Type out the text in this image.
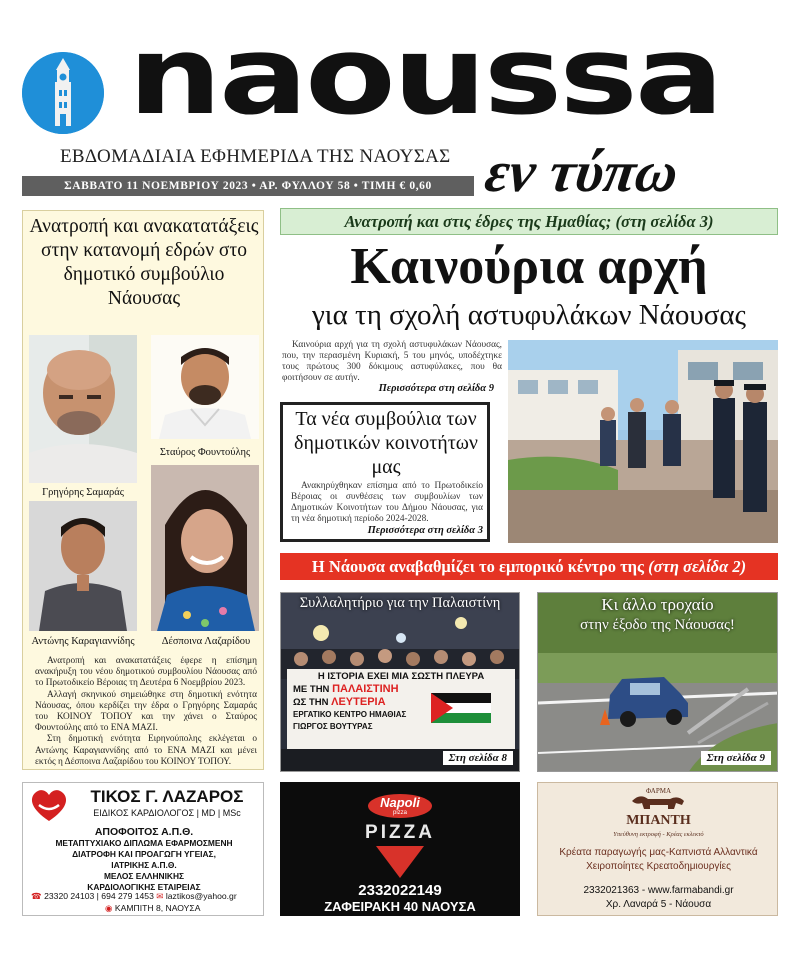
naoussa
ΕΒΔΟΜΑΔΙΑΙΑ ΕΦΗΜΕΡΙΔΑ ΤΗΣ ΝΑΟΥΣΑΣ εν τύπω
ΣΑΒΒΑΤΟ 11 ΝΟΕΜΒΡΙΟΥ 2023 • ΑΡ. ΦΥΛΛΟΥ 58 • ΤΙΜΗ € 0,60
Ανατροπή και ανακατατάξεις στην κατανομή εδρών στο δημοτικό συμβούλιο Νάουσας
Γρηγόρης Σαμαράς
Σταύρος Φουντούλης
Αντώνης Καραγιαννίδης	Δέσποινα Λαζαρίδου

Ανατροπή και ανακατατάξεις έφερε η επίσημη ανακήρυξη του νέου δημοτικού συμβουλίου Νάουσας από το Πρωτοδικείο Βέροιας τη Δευτέρα 6 Νοεμβρίου 2023.

Αλλαγή σκηνικού σημειώθηκε στη δημοτική ενότητα Νάουσας, όπου κερδίζει την έδρα ο Γρηγόρης Σαμαράς του ΚΟΙΝΟΥ ΤΟΠΟΥ και την χάνει ο Σταύρος Φουντούλης από το ΕΝΑ ΜΑΖΙ.

Στη δημοτική ενότητα Ειρηνούπολης εκλέγεται ο Αντώνης Καραγιαννίδης από το ΕΝΑ ΜΑΖΙ και μένει εκτός η Δέσποινα Λαζαρίδου του ΚΟΙΝΟΥ ΤΟΠΟΥ.

Ανατροπή και στις έδρες της Ημαθίας; (στη σελίδα 3)
Καινούρια αρχή
για τη σχολή αστυφυλάκων Νάουσας
Καινούρια αρχή για τη σχολή αστυφυλάκων Νάουσας, που, την περασμένη Κυριακή, 5 του μηνός, υποδέχτηκε τους πρώτους 300 δόκιμους αστυφύλακες, που θα φοιτήσουν σε αυτήν.
Περισσότερα στη σελίδα 9
Τα νέα συμβούλια των δημοτικών κοινοτήτων μας
Ανακηρύχθηκαν επίσημα από το Πρωτοδικείο Βέροιας οι συνθέσεις των συμβουλίων των Δημοτικών Κοινοτήτων του Δήμου Νάουσας, για τη νέα δημοτική περίοδο 2024-2028.
Περισσότερα στη σελίδα 3
Η Νάουσα αναβαθμίζει το εμπορικό κέντρο της (στη σελίδα 2)
Συλλαλητήριο για την Παλαιστίνη
Η ΙΣΤΟΡΙΑ ΕΧΕΙ ΜΙΑ ΣΩΣΤΗ ΠΛΕΥΡΑ
ΜΕ ΤΗΝ ΠΑΛΑΙΣΤΙΝΗ
ΩΣ ΤΗΝ ΛΕΥΤΕΡΙΑ
ΕΡΓΑΤΙΚΟ ΚΕΝΤΡΟ ΗΜΑΘΙΑΣ
ΓΙΩΡΓΟΣ ΒΟΥΤΥΡΑΣ
Στη σελίδα 8
Κι άλλο τροχαίο
στην έξοδο της Νάουσας!
Στη σελίδα 9
ΤΙΚΟΣ Γ. ΛΑΖΑΡΟΣ
ΕΙΔΙΚΟΣ ΚΑΡΔΙΟΛΟΓΟΣ | MD | MSc
ΑΠΟΦΟΙΤΟΣ Α.Π.Θ.
ΜΕΤΑΠΤΥΧΙΑΚΟ ΔΙΠΛΩΜΑ ΕΦΑΡΜΟΣΜΕΝΗ
ΔΙΑΤΡΟΦΗ ΚΑΙ ΠΡΟΑΓΩΓΗ ΥΓΕΙΑΣ,
ΙΑΤΡΙΚΗΣ Α.Π.Θ.
ΜΕΛΟΣ ΕΛΛΗΝΙΚΗΣ
ΚΑΡΔΙΟΛΟΓΙΚΗΣ ΕΤΑΙΡΕΙΑΣ
☎ 23320 24103 | 694 279 1453 ✉ laztikos@yahoo.gr
◉ ΚΑΜΠΙΤΗ 8, ΝΑΟΥΣΑ
Napoli
pizza
PIZZA
2332022149
ΖΑΦΕΙΡΑΚΗ 40 ΝΑΟΥΣΑ
ΦΑΡΜΑ
ΜΠΑΝΤΗ
Υπεύθυνη εκτροφή - Κρέας εκλεκτό
Κρέατα παραγωγής μας-Καπνιστά Αλλαντικά
Χειροποίητες Κρεατοδημιουργίες
2332021363 - www.farmabandi.gr
Χρ. Λαναρά 5 - Νάουσα
